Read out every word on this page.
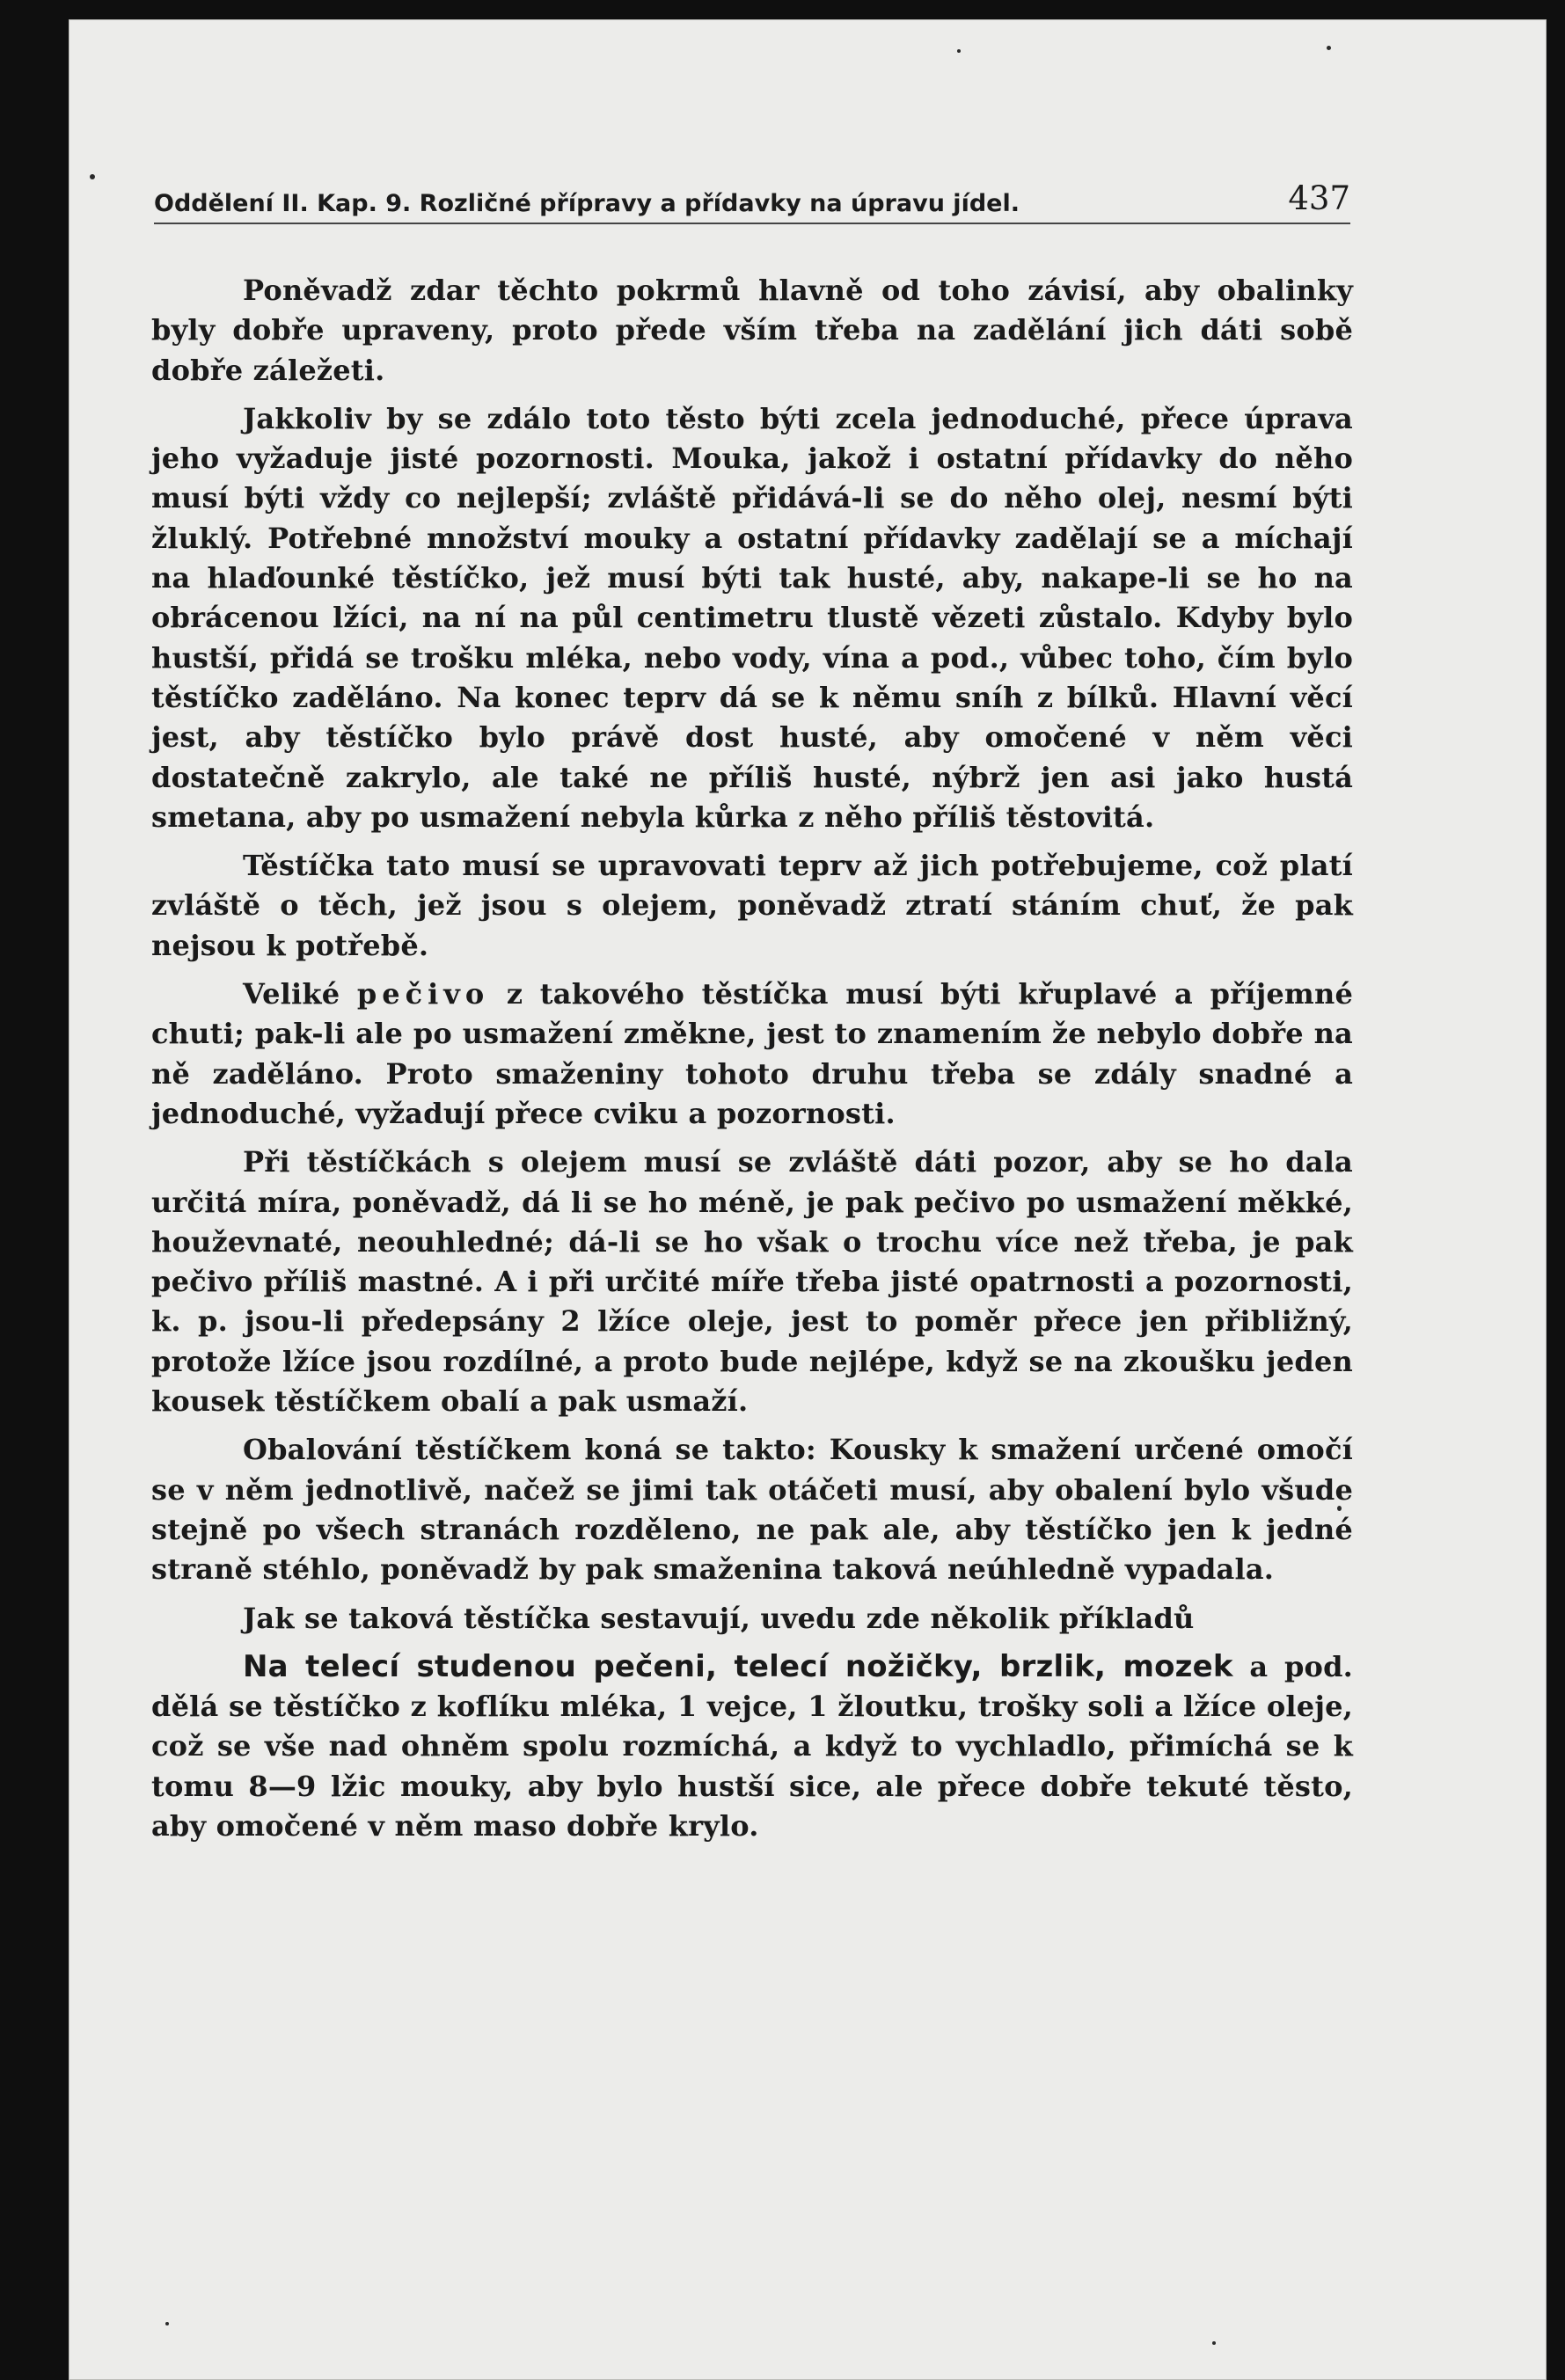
Oddělení II. Kap. 9. Rozličné přípravy a přídavky na úpravu jídel.	437

Poněvadž zdar těchto pokrmů hlavně od toho závisí, aby obalinky byly dobře upraveny, proto přede vším třeba na zadělání jich dáti sobě dobře záležeti.

Jakkoliv by se zdálo toto těsto býti zcela jednoduché, přece úprava jeho vyžaduje jisté pozornosti. Mouka, jakož i ostatní přídavky do něho musí býti vždy co nejlepší; zvláště přidává-li se do něho olej, nesmí býti žluklý. Potřebné množství mouky a ostatní přídavky zadělají se a míchají na hlaďounké těstíčko, jež musí býti tak husté, aby, nakape-li se ho na obrácenou lžíci, na ní na půl centimetru tlustě vězeti zůstalo. Kdyby bylo hustší, přidá se trošku mléka, nebo vody, vína a pod., vůbec toho, čím bylo těstíčko zaděláno. Na konec teprv dá se k němu sníh z bílků. Hlavní věcí jest, aby těstíčko bylo právě dost husté, aby omočené v něm věci dostatečně zakrylo, ale také ne příliš husté, nýbrž jen asi jako hustá smetana, aby po usmažení nebyla kůrka z něho příliš těstovitá.

Těstíčka tato musí se upravovati teprv až jich potřebujeme, což platí zvláště o těch, jež jsou s olejem, poněvadž ztratí stáním chuť, že pak nejsou k potřebě.

Veliké pečivo z takového těstíčka musí býti křuplavé a příjemné chuti; pak-li ale po usmažení změkne, jest to znamením že nebylo dobře na ně zaděláno. Proto smaženiny tohoto druhu třeba se zdály snadné a jednoduché, vyžadují přece cviku a pozornosti.

Při těstíčkách s olejem musí se zvláště dáti pozor, aby se ho dala určitá míra, poněvadž, dá li se ho méně, je pak pečivo po usmažení měkké, houževnaté, neouhledné; dá-li se ho však o trochu více než třeba, je pak pečivo příliš mastné. A i při určité míře třeba jisté opatrnosti a pozornosti, k. p. jsou-li předepsány 2 lžíce oleje, jest to poměr přece jen přibližný, protože lžíce jsou rozdílné, a proto bude nejlépe, když se na zkoušku jeden kousek těstíčkem obalí a pak usmaží.

Obalování těstíčkem koná se takto: Kousky k smažení určené omočí se v něm jednotlivě, načež se jimi tak otáčeti musí, aby obalení bylo všude stejně po všech stranách rozděleno, ne pak ale, aby těstíčko jen k jedné straně stéhlo, poněvadž by pak smaženina taková neúhledně vypadala.

Jak se taková těstíčka sestavují, uvedu zde několik příkladů

Na telecí studenou pečeni, telecí nožičky, brzlik, mozek a pod. dělá se těstíčko z koflíku mléka, 1 vejce, 1 žloutku, trošky soli a lžíce oleje, což se vše nad ohněm spolu rozmíchá, a když to vychladlo, přimíchá se k tomu 8—9 lžic mouky, aby bylo hustší sice, ale přece dobře tekuté těsto, aby omočené v něm maso dobře krylo.
